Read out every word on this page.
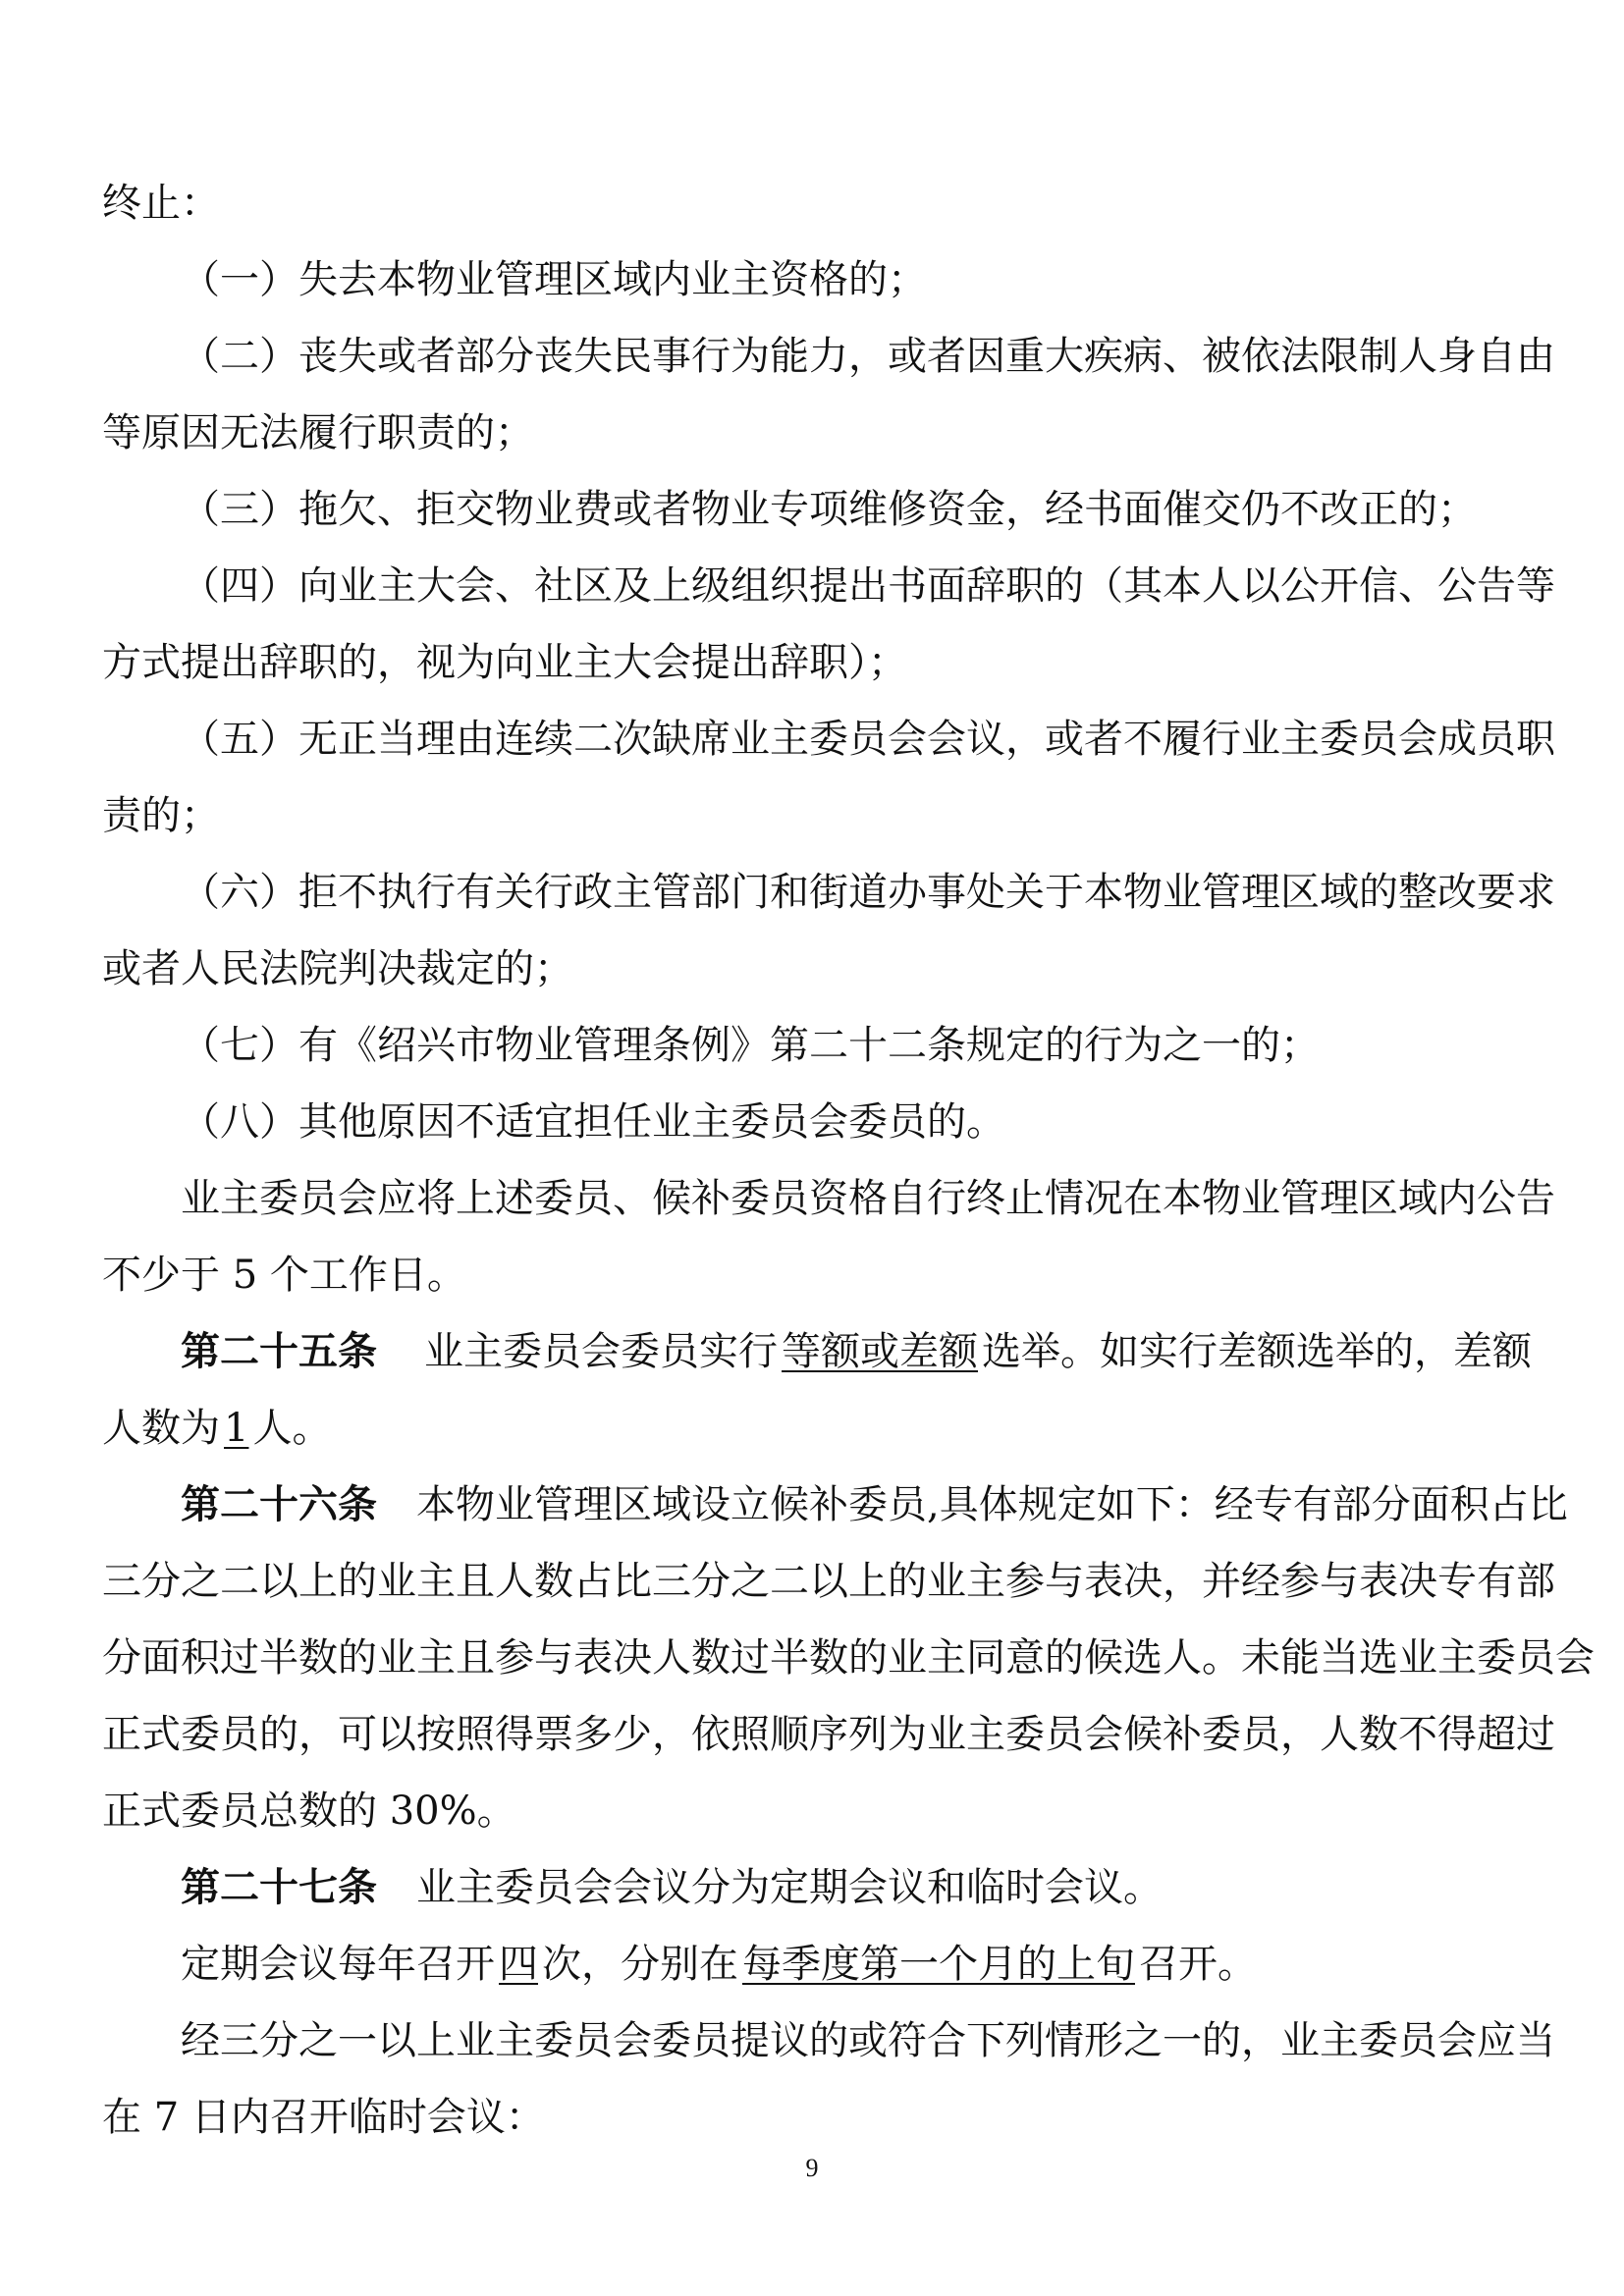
终止：
（一）失去本物业管理区域内业主资格的；
（ 二 ） 丧 失 或 者 部 分 丧 失 民 事 行 为 能 力 ， 或 者 因 重 大 疾 病 、 被 依 法 限 制 人 身 自 由
等原因无法履行职责的；
（三）拖欠、拒交物业费或者物业专项维修资金，经书面催交仍不改正的；
（ 四 ） 向 业 主 大 会 、 社 区 及 上 级 组 织 提 出 书 面 辞 职 的 （ 其 本 人 以 公 开 信 、 公 告 等
方式提出辞职的，视为向业主大会提出辞职）；
（ 五 ） 无 正 当 理 由 连 续 二 次 缺 席 业 主 委 员 会 会 议 ， 或 者 不 履 行 业 主 委 员 会 成 员 职
责的；
（ 六 ） 拒 不 执 行 有 关 行 政 主 管 部 门 和 街 道 办 事 处 关 于 本 物 业 管 理 区 域 的 整 改 要 求
或者人民法院判决裁定的；
（七）有《绍兴市物业管理条例》第二十二条规定的行为之一的；
（八）其他原因不适宜担任业主委员会委员的。
业 主 委 员 会 应 将 上 述 委 员 、 候 补 委 员 资 格 自 行 终 止 情 况 在 本 物 业 管 理 区 域 内 公 告
不少于 5 个工作日。
第二十五条 业主委员会委员实行 等额或差额 选举。如实行差额选举的，差额
人数为 1 人。
第二十六条 　本物业管理区域设立候补委员,具体规定如下：经专有部分面积占比
三 分 之 二 以 上 的 业 主 且 人 数 占 比 三 分 之 二 以 上 的 业 主 参 与 表 决 ， 并 经 参 与 表 决 专 有 部
分面积过半数的业主且参与表决人数过半数的业主同意的候选人。未能当选业主委员会
正 式 委 员 的 ， 可 以 按 照 得 票 多 少 ， 依 照 顺 序 列 为 业 主 委 员 会 候 补 委 员 ， 人 数 不 得 超 过
正式委员总数的 30%。
第二十七条 　业主委员会会议分为定期会议和临时会议。
定期会议每年召开 四 次，分别在 每季度第一个月的上旬 召开。
经 三 分 之 一 以 上 业 主 委 员 会 委 员 提 议 的 或 符 合 下 列 情 形 之 一 的 ， 业 主 委 员 会 应 当
在 7 日内召开临时会议：
9
